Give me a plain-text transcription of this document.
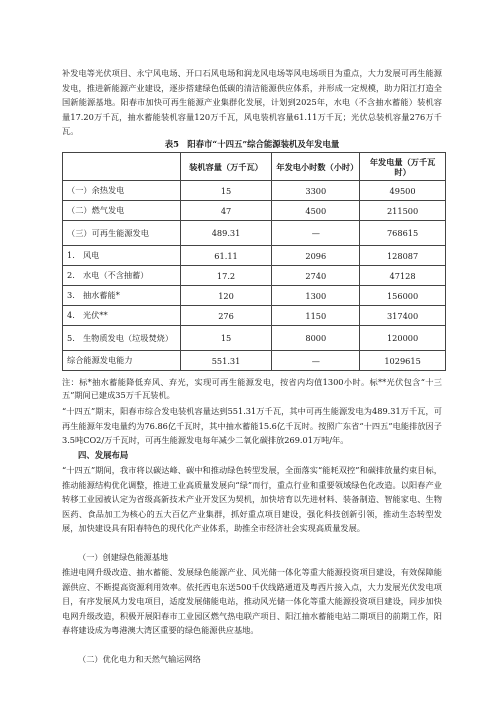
补发电等光伏项目、永宁风电场、开口石风电场和润龙风电场等风电场项目为重点，大力发展可再生能源发电，推进新能源产业建设，逐步搭建绿色低碳的清洁能源供应体系，并形成一定规模，助力阳江打造全国新能源基地。阳春市加快可再生能源产业集群化发展，计划到2025年，水电（不含抽水蓄能）装机容量17.20万千瓦，抽水蓄能装机容量120万千瓦，风电装机容量61.11万千瓦；光伏总装机容量276万千瓦。

表5　阳春市“十四五”综合能源装机及年发电量
	装机容量（万千瓦）	年发电小时数（小时）	年发电量（万千瓦时）
（一）余热发电	15	3300	49500
（二）燃气发电	47	4500	211500
（三）可再生能源发电	489.31	—	768615
1.　风电	61.11	2096	128087
2.　水电（不含抽蓄）	17.2	2740	47128
3.　抽水蓄能*	120	1300	156000
4.　光伏**	276	1150	317400
5.　生物质发电（垃圾焚烧）	15	8000	120000
综合能源发电能力	551.31	—	1029615

注：标*抽水蓄能降低弃风、弃光，实现可再生能源发电，按省内均值1300小时。标**光伏包含“十三五”期间已建成35万千瓦装机。

“十四五”期末，阳春市综合发电装机容量达到551.31万千瓦，其中可再生能源发电为489.31万千瓦，可再生能源年发电量约为76.86亿千瓦时，其中抽水蓄能15.6亿千瓦时。按照广东省“十四五”电能排放因子3.5吨CO2/万千瓦时，可再生能源发电每年减少二氧化碳排放269.01万吨/年。

四、发展布局

“十四五”期间，我市将以碳达峰、碳中和推动绿色转型发展，全面落实“能耗双控”和碳排放量约束目标，推动能源结构优化调整，推进工业高质量发展向“绿”而行，重点行业和重要领域绿色化改造。以阳春产业转移工业园被认定为省级高新技术产业开发区为契机，加快培育以先进材料、装备制造、智能家电、生物医药、食品加工为核心的五大百亿产业集群，抓好重点项目建设，强化科技创新引领，推动生态转型发展，加快建设具有阳春特色的现代化产业体系，助推全市经济社会实现高质量发展。

（一）创建绿色能源基地

推进电网升级改造、抽水蓄能、发展绿色能源产业、风光储一体化等重大能源投资项目建设，有效保障能源供应、不断提高资源利用效率。依托西电东送500千伏线路通道及粤西片接入点，大力发展光伏发电项目，有序发展风力发电项目，适度发展储能电站，推动风光储一体化等重大能源投资项目建设，同步加快电网升级改造，积极开展阳春市工业园区燃气热电联产项目、阳江抽水蓄能电站二期项目的前期工作，阳春将建设成为粤港澳大湾区重要的绿色能源供应基地。

（二）优化电力和天然气输运网络
